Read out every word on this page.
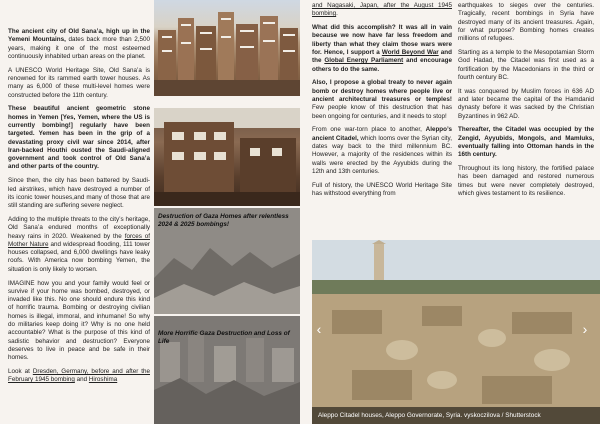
The ancient city of Old Sana’a, high up in the Yemeni Mountains, dates back more than 2,500 years, making it one of the most esteemed continuously inhabited urban areas on the planet.

A UNESCO World Heritage Site, Old Sana’a is renowned for its rammed earth tower houses. As many as 6,000 of these multi-level homes were constructed before the 11th century.

These beautiful ancient geometric stone homes in Yemen [Yes, Yemen, where the US is currently bombing!] regularly have been targeted. Yemen has been in the grip of a devastating proxy civil war since 2014, after Iran-backed Houthi ousted the Saudi-aligned government and took control of Old Sana’a and other parts of the country.

Since then, the city has been battered by Saudi-led airstrikes, which have destroyed a number of its iconic tower houses,and many of those that are still standing are suffering severe neglect.

Adding to the multiple threats to the city’s heritage, Old Sana’a endured months of exceptionally heavy rains in 2020. Weakened by the forces of Mother Nature and widespread flooding, 111 tower houses collapsed, and 6,000 dwellings have leaky roofs. With America now bombing Yemen, the situation is only likely to worsen.

IMAGINE how you and your family would feel or survive if your home was bombed, destroyed, or invaded like this. No one should endure this kind of horrific trauma. Bombing or destroying civilian homes is illegal, immoral, and inhumane! So why do militaries keep doing it? Why is no one held accountable? What is the purpose of this kind of sadistic behavior and destruction? Everyone deserves to live in peace and be safe in their homes.

Look at Dresden, Germany, before and after the February 1945 bombing and Hiroshima

Destruction of Gaza Homes after relentless 2024 & 2025 bombings!
More Horrific Gaza Destruction and Loss of Life

and Nagasaki, Japan, after the August 1945 bombing.

What did this accomplish? It was all in vain because we now have far less freedom and liberty than what they claim those wars were for. Hence, I support a World Beyond War and the Global Energy Parliament and encourage others to do the same.

Also, I propose a global treaty to never again bomb or destroy homes where people live or ancient architectural treasures or temples! Few people know of this destruction that has been ongoing for centuries, and it needs to stop!

From one war-torn place to another, Aleppo’s ancient Citadel, which looms over the Syrian city, dates way back to the third millennium BC. However, a majority of the residences within its walls were erected by the Ayyubids during the 12th and 13th centuries.

Full of history, the UNESCO World Heritage Site has withstood everything from

earthquakes to sieges over the centuries. Tragically, recent bombings in Syria have destroyed many of its ancient treasures. Again, for what purpose? Bombing homes creates millions of refugees.

Starting as a temple to the Mesopotamian Storm God Hadad, the Citadel was first used as a fortification by the Macedonians in the third or fourth century BC.

It was conquered by Muslim forces in 636 AD and later became the capital of the Hamdanid dynasty before it was sacked by the Christian Byzantines in 962 AD.

Thereafter, the Citadel was occupied by the Zengid, Ayyubids, Mongols, and Mamluks, eventually falling into Ottoman hands in the 16th century.

Throughout its long history, the fortified palace has been damaged and restored numerous times but were never completely destroyed, which gives testament to its resilience.

‹	›
Aleppo Citadel houses, Aleppo Governorate, Syria. vyskoczilova / Shutterstock
